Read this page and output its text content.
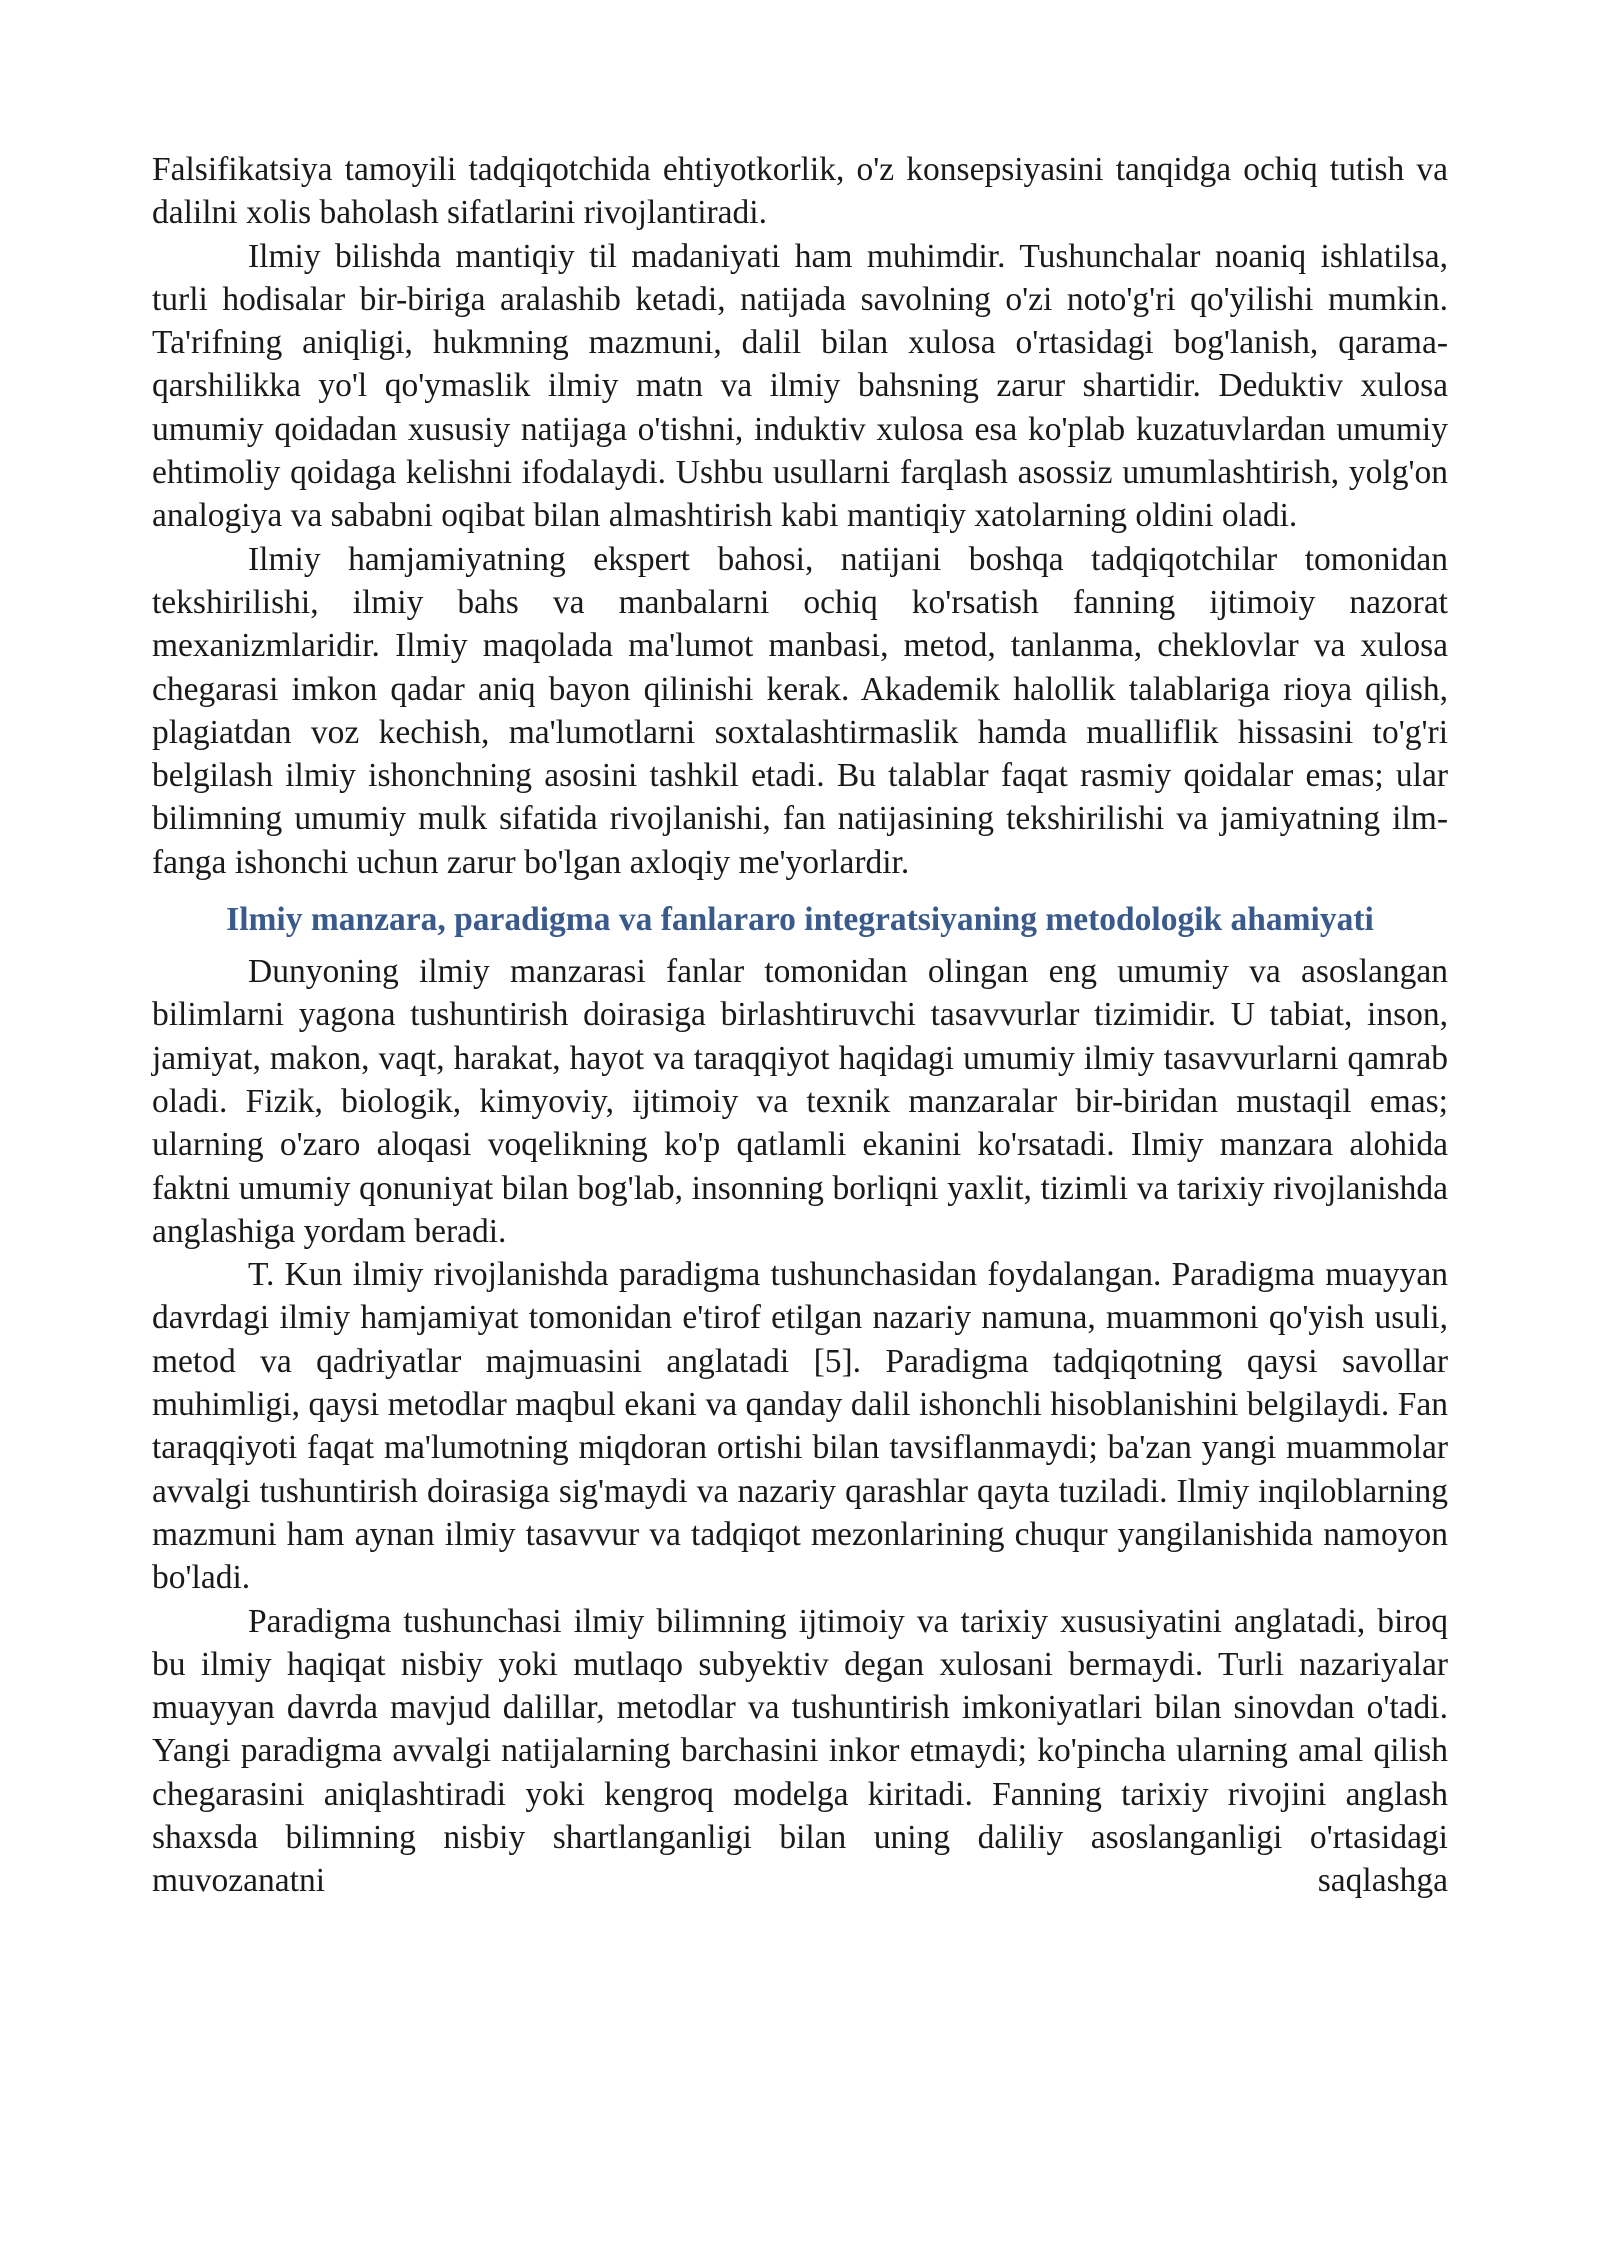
Falsifikatsiya tamoyili tadqiqotchida ehtiyotkorlik, o'z konsepsiyasini tanqidga ochiq tutish va dalilni xolis baholash sifatlarini rivojlantiradi.

Ilmiy bilishda mantiqiy til madaniyati ham muhimdir. Tushunchalar noaniq ishlatilsa, turli hodisalar bir-biriga aralashib ketadi, natijada savolning o'zi noto'g'ri qo'yilishi mumkin. Ta'rifning aniqligi, hukmning mazmuni, dalil bilan xulosa o'rtasidagi bog'lanish, qarama-qarshilikka yo'l qo'ymaslik ilmiy matn va ilmiy bahsning zarur shartidir. Deduktiv xulosa umumiy qoidadan xususiy natijaga o'tishni, induktiv xulosa esa ko'plab kuzatuvlardan umumiy ehtimoliy qoidaga kelishni ifodalaydi. Ushbu usullarni farqlash asossiz umumlashtirish, yolg'on analogiya va sababni oqibat bilan almashtirish kabi mantiqiy xatolarning oldini oladi.

Ilmiy hamjamiyatning ekspert bahosi, natijani boshqa tadqiqotchilar tomonidan tekshirilishi, ilmiy bahs va manbalarni ochiq ko'rsatish fanning ijtimoiy nazorat mexanizmlaridir. Ilmiy maqolada ma'lumot manbasi, metod, tanlanma, cheklovlar va xulosa chegarasi imkon qadar aniq bayon qilinishi kerak. Akademik halollik talablariga rioya qilish, plagiatdan voz kechish, ma'lumotlarni soxtalashtirmaslik hamda mualliflik hissasini to'g'ri belgilash ilmiy ishonchning asosini tashkil etadi. Bu talablar faqat rasmiy qoidalar emas; ular bilimning umumiy mulk sifatida rivojlanishi, fan natijasining tekshirilishi va jamiyatning ilm-fanga ishonchi uchun zarur bo'lgan axloqiy me'yorlardir.

Ilmiy manzara, paradigma va fanlararo integratsiyaning metodologik ahamiyati

Dunyoning ilmiy manzarasi fanlar tomonidan olingan eng umumiy va asoslangan bilimlarni yagona tushuntirish doirasiga birlashtiruvchi tasavvurlar tizimidir. U tabiat, inson, jamiyat, makon, vaqt, harakat, hayot va taraqqiyot haqidagi umumiy ilmiy tasavvurlarni qamrab oladi. Fizik, biologik, kimyoviy, ijtimoiy va texnik manzaralar bir-biridan mustaqil emas; ularning o'zaro aloqasi voqelikning ko'p qatlamli ekanini ko'rsatadi. Ilmiy manzara alohida faktni umumiy qonuniyat bilan bog'lab, insonning borliqni yaxlit, tizimli va tarixiy rivojlanishda anglashiga yordam beradi.

T. Kun ilmiy rivojlanishda paradigma tushunchasidan foydalangan. Paradigma muayyan davrdagi ilmiy hamjamiyat tomonidan e'tirof etilgan nazariy namuna, muammoni qo'yish usuli, metod va qadriyatlar majmuasini anglatadi [5]. Paradigma tadqiqotning qaysi savollar muhimligi, qaysi metodlar maqbul ekani va qanday dalil ishonchli hisoblanishini belgilaydi. Fan taraqqiyoti faqat ma'lumotning miqdoran ortishi bilan tavsiflanmaydi; ba'zan yangi muammolar avvalgi tushuntirish doirasiga sig'maydi va nazariy qarashlar qayta tuziladi. Ilmiy inqiloblarning mazmuni ham aynan ilmiy tasavvur va tadqiqot mezonlarining chuqur yangilanishida namoyon bo'ladi.

Paradigma tushunchasi ilmiy bilimning ijtimoiy va tarixiy xususiyatini anglatadi, biroq bu ilmiy haqiqat nisbiy yoki mutlaqo subyektiv degan xulosani bermaydi. Turli nazariyalar muayyan davrda mavjud dalillar, metodlar va tushuntirish imkoniyatlari bilan sinovdan o'tadi. Yangi paradigma avvalgi natijalarning barchasini inkor etmaydi; ko'pincha ularning amal qilish chegarasini aniqlashtiradi yoki kengroq modelga kiritadi. Fanning tarixiy rivojini anglash shaxsda bilimning nisbiy shartlanganligi bilan uning daliliy asoslanganligi o'rtasidagi muvozanatni saqlashga
